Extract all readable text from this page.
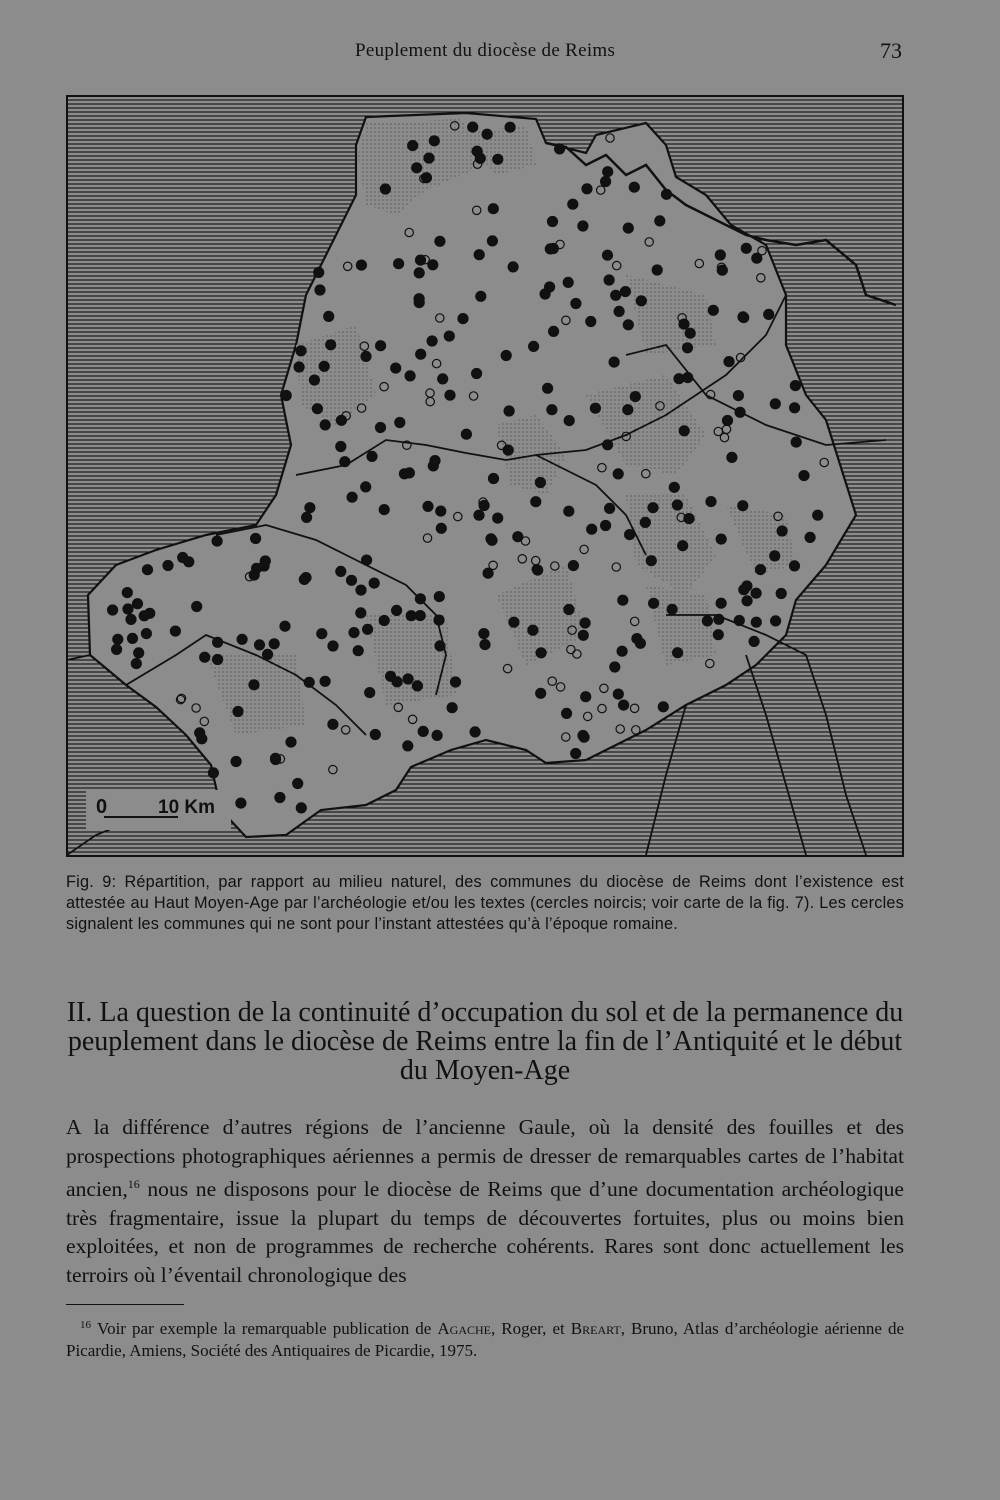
Peuplement du diocèse de Reims	73
0	10 Km
Fig. 9: Répartition, par rapport au milieu naturel, des communes du diocèse de Reims dont l’existence est attestée au Haut Moyen-Age par l’archéologie et/ou les textes (cercles noircis; voir carte de la fig. 7). Les cercles signalent les communes qui ne sont pour l’instant attestées qu’à l’époque romaine.
II. La question de la continuité d’occupation du sol et de la permanence du peuplement dans le diocèse de Reims entre la fin de l’Antiquité et le début du Moyen-Age
A la différence d’autres régions de l’ancienne Gaule, où la densité des fouilles et des prospections photographiques aériennes a permis de dresser de remarquables cartes de l’habitat ancien,$^{16}$ nous ne disposons pour le diocèse de Reims que d’une documentation archéologique très fragmentaire, issue la plupart du temps de découvertes fortuites, plus ou moins bien exploitées, et non de programmes de recherche cohérents. Rares sont donc actuellement les terroirs où l’éventail chronologique des
$^{16}$ Voir par exemple la remarquable publication de Agache, Roger, et Breart, Bruno, Atlas d’archéologie aérienne de Picardie, Amiens, Société des Antiquaires de Picardie, 1975.
